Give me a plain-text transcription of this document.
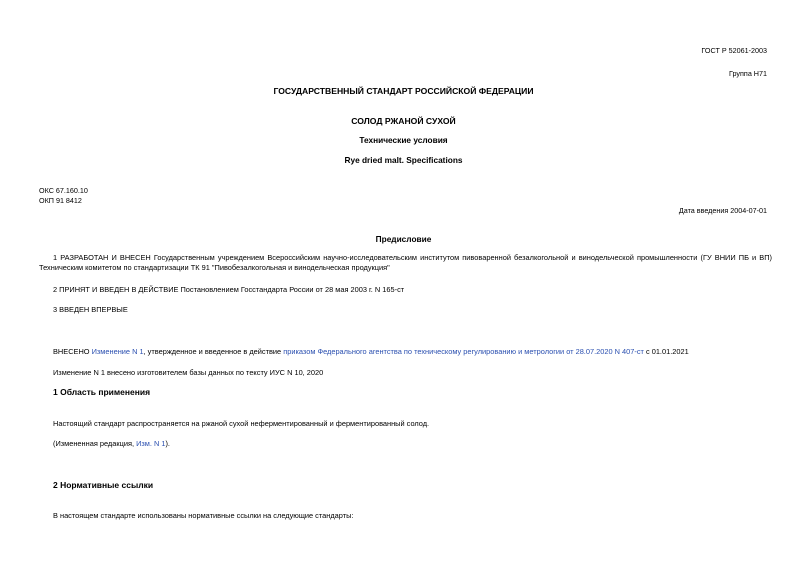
ГОСТ Р 52061-2003
Группа Н71
ГОСУДАРСТВЕННЫЙ СТАНДАРТ РОССИЙСКОЙ ФЕДЕРАЦИИ
СОЛОД РЖАНОЙ СУХОЙ
Технические условия
Rye dried malt. Specifications
ОКС 67.160.10
ОКП 91 8412
Дата введения 2004-07-01
Предисловие
1 РАЗРАБОТАН И ВНЕСЕН Государственным учреждением Всероссийским научно-исследовательским институтом пивоваренной безалкогольной и винодельческой промышленности (ГУ ВНИИ ПБ и ВП) Техническим комитетом по стандартизации ТК 91 "Пивобезалкогольная и винодельческая продукция"
2 ПРИНЯТ И ВВЕДЕН В ДЕЙСТВИЕ Постановлением Госстандарта России от 28 мая 2003 г. N 165-ст
3 ВВЕДЕН ВПЕРВЫЕ
ВНЕСЕНО Изменение N 1, утвержденное и введенное в действие приказом Федерального агентства по техническому регулированию и метрологии от 28.07.2020 N 407-ст с 01.01.2021
Изменение N 1 внесено изготовителем базы данных по тексту ИУС N 10, 2020
1 Область применения
Настоящий стандарт распространяется на ржаной сухой неферментированный и ферментированный солод.
(Измененная редакция, Изм. N 1).
2 Нормативные ссылки
В настоящем стандарте использованы нормативные ссылки на следующие стандарты:
